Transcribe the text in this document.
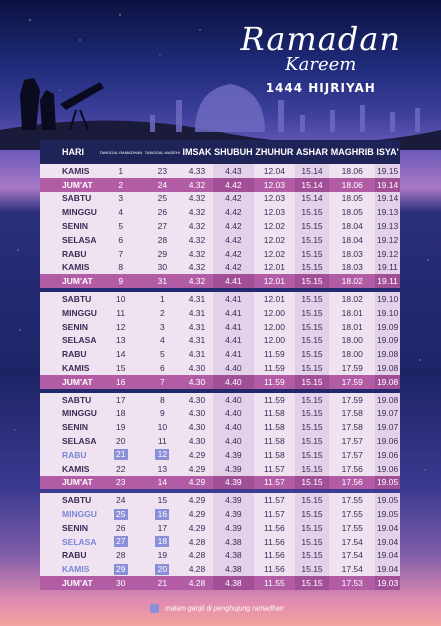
Ramadan
Kareem
1444 HIJRIYAH
HARI	TANGGAL RAMADHAN	TANGGAL MASEHI	IMSAK	SHUBUH	ZHUHUR	ASHAR	MAGHRIB	ISYA'
KAMIS	1	23	4.33	4.43	12.04	15.14	18.06	19.15
JUM'AT	2	24	4.32	4.42	12.03	15.14	18.06	19.14
SABTU	3	25	4.32	4.42	12.03	15.14	18.05	19.14
MINGGU	4	26	4.32	4.42	12.03	15.15	18.05	19.13
SENIN	5	27	4.32	4.42	12.02	15.15	18.04	19.13
SELASA	6	28	4.32	4.42	12.02	15.15	18.04	19.12
RABU	7	29	4.32	4.42	12.02	15.15	18.03	19.12
KAMIS	8	30	4.32	4.42	12.01	15.15	18.03	19.11
JUM'AT	9	31	4.32	4.41	12.01	15.15	18.02	19.11

SABTU	10	1	4.31	4.41	12.01	15.15	18.02	19.10
MINGGU	11	2	4.31	4.41	12.00	15.15	18.01	19.10
SENIN	12	3	4.31	4.41	12.00	15.15	18.01	19.09
SELASA	13	4	4.31	4.41	12.00	15.15	18.00	19.09
RABU	14	5	4.31	4.41	11.59	15.15	18.00	19.08
KAMIS	15	6	4.30	4.40	11.59	15.15	17.59	19.08
JUM'AT	16	7	4.30	4.40	11.59	15.15	17.59	19.08

SABTU	17	8	4.30	4.40	11.59	15.15	17.59	19.08
MINGGU	18	9	4.30	4.40	11.58	15.15	17.58	19.07
SENIN	19	10	4.30	4.40	11.58	15.15	17.58	19.07
SELASA	20	11	4.30	4.40	11.58	15.15	17.57	19.06
RABU	21	12	4.29	4.39	11.58	15.15	17.57	19.06
KAMIS	22	13	4.29	4.39	11.57	15.15	17.56	19.06
JUM'AT	23	14	4.29	4.39	11.57	15.15	17.56	19.05

SABTU	24	15	4.29	4.39	11.57	15.15	17.55	19.05
MINGGU	25	16	4.29	4.39	11.57	15.15	17.55	19.05
SENIN	26	17	4.29	4.39	11.56	15.15	17.55	19.04
SELASA	27	18	4.28	4.38	11.56	15.15	17.54	19.04
RABU	28	19	4.28	4.38	11.56	15.15	17.54	19.04
KAMIS	29	20	4.28	4.38	11.56	15.15	17.54	19.04
JUM'AT	30	21	4.28	4.38	11.55	15.15	17.53	19.03
malam ganjil di penghujung ramadhan
